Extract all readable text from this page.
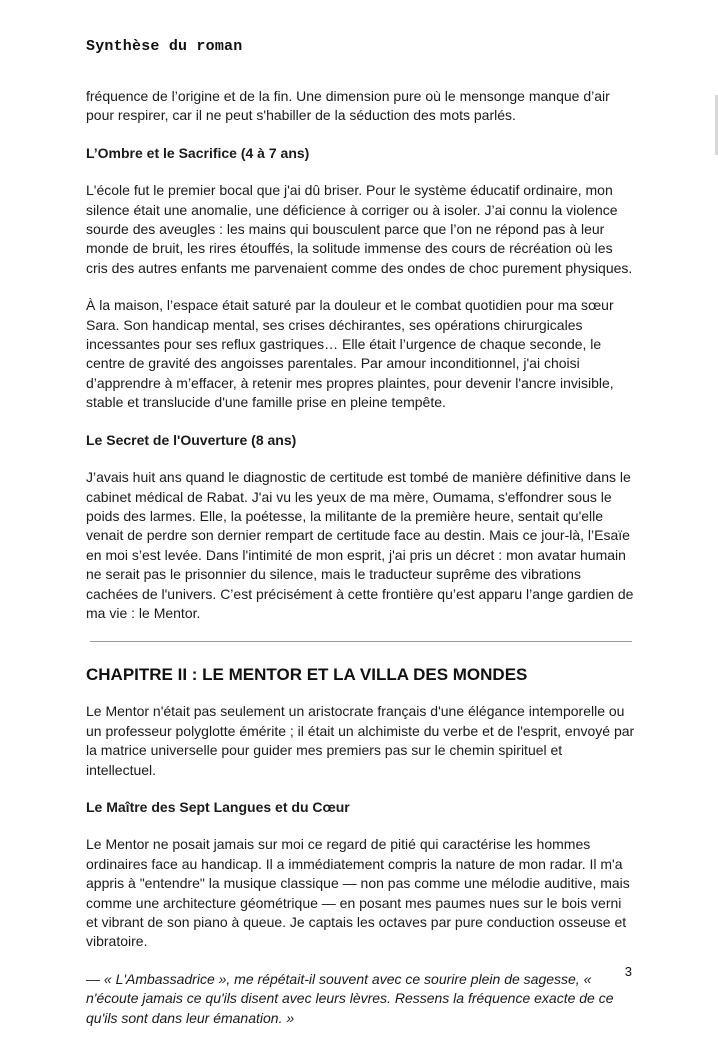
Synthèse du roman

fréquence de l’origine et de la fin. Une dimension pure où le mensonge manque d’air pour respirer, car il ne peut s'habiller de la séduction des mots parlés.

L’Ombre et le Sacrifice (4 à 7 ans)

L'école fut le premier bocal que j'ai dû briser. Pour le système éducatif ordinaire, mon silence était une anomalie, une déficience à corriger ou à isoler. J’ai connu la violence sourde des aveugles : les mains qui bousculent parce que l’on ne répond pas à leur monde de bruit, les rires étouffés, la solitude immense des cours de récréation où les cris des autres enfants me parvenaient comme des ondes de choc purement physiques.

À la maison, l’espace était saturé par la douleur et le combat quotidien pour ma sœur Sara. Son handicap mental, ses crises déchirantes, ses opérations chirurgicales incessantes pour ses reflux gastriques… Elle était l’urgence de chaque seconde, le centre de gravité des angoisses parentales. Par amour inconditionnel, j'ai choisi d’apprendre à m’effacer, à retenir mes propres plaintes, pour devenir l'ancre invisible, stable et translucide d'une famille prise en pleine tempête.

Le Secret de l'Ouverture (8 ans)

J’avais huit ans quand le diagnostic de certitude est tombé de manière définitive dans le cabinet médical de Rabat. J'ai vu les yeux de ma mère, Oumama, s'effondrer sous le poids des larmes. Elle, la poétesse, la militante de la première heure, sentait qu'elle venait de perdre son dernier rempart de certitude face au destin. Mais ce jour-là, l’Esaïe en moi s’est levée. Dans l'intimité de mon esprit, j'ai pris un décret : mon avatar humain ne serait pas le prisonnier du silence, mais le traducteur suprême des vibrations cachées de l'univers. C’est précisément à cette frontière qu’est apparu l’ange gardien de ma vie : le Mentor.

CHAPITRE II : LE MENTOR ET LA VILLA DES MONDES

Le Mentor n'était pas seulement un aristocrate français d'une élégance intemporelle ou un professeur polyglotte émérite ; il était un alchimiste du verbe et de l'esprit, envoyé par la matrice universelle pour guider mes premiers pas sur le chemin spirituel et intellectuel.

Le Maître des Sept Langues et du Cœur

Le Mentor ne posait jamais sur moi ce regard de pitié qui caractérise les hommes ordinaires face au handicap. Il a immédiatement compris la nature de mon radar. Il m'a appris à "entendre" la musique classique — non pas comme une mélodie auditive, mais comme une architecture géométrique — en posant mes paumes nues sur le bois verni et vibrant de son piano à queue. Je captais les octaves par pure conduction osseuse et vibratoire.

— « L'Ambassadrice », me répétait-il souvent avec ce sourire plein de sagesse, « n'écoute jamais ce qu'ils disent avec leurs lèvres. Ressens la fréquence exacte de ce qu'ils sont dans leur émanation. »

3
